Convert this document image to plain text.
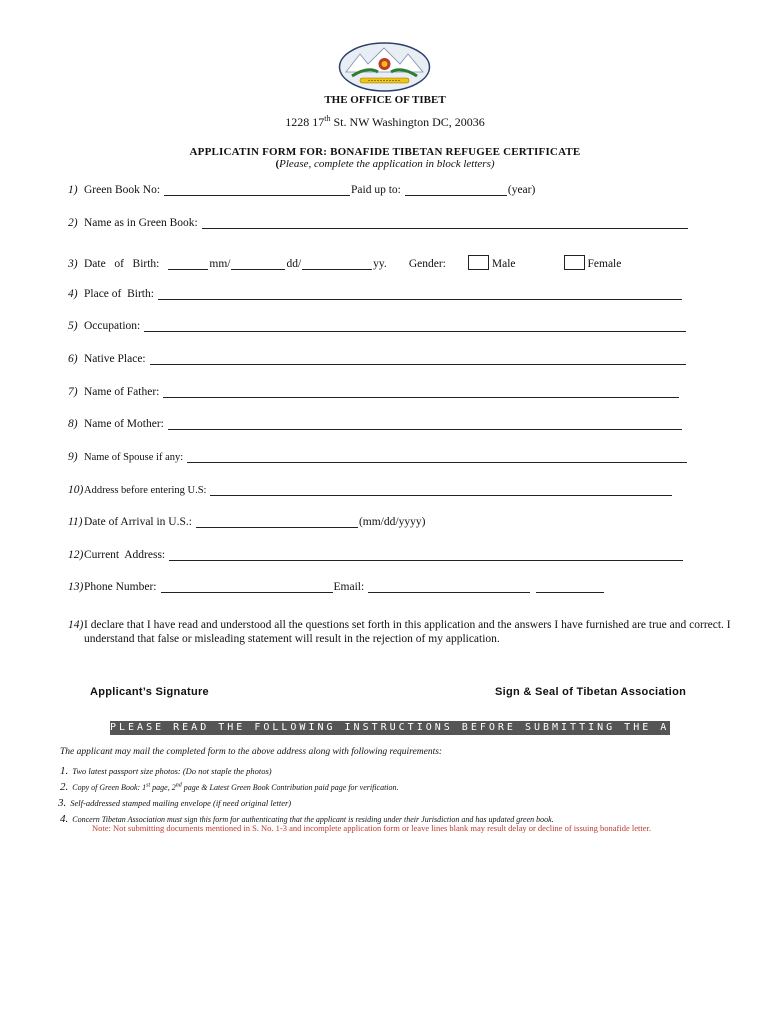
THE OFFICE OF TIBET
1228 17th St. NW Washington DC, 20036
APPLICATIN FORM FOR: BONAFIDE TIBETAN REFUGEE CERTIFICATE
(Please, complete the application in block letters)
1) Green Book No:	Paid up to:	(year)
2) Name as in Green Book:
3) Date   of   Birth:	mm/	dd/	yy. Gender:	Male	Female
4) Place of  Birth:
5) Occupation:
6) Native Place:
7) Name of Father:
8) Name of Mother:
9) Name of Spouse if any:
10) Address before entering U.S:
11) Date of Arrival in U.S.:	(mm/dd/yyyy)
12) Current  Address:
13) Phone Number:	Email:
14) I declare that I have read and understood all the questions set forth in this application and the answers I have furnished are true and correct. I understand that false or misleading statement will result in the rejection of my application.
Applicant’s Signature	Sign & Seal of Tibetan Association
PLEASE READ THE FOLLOWING INSTRUCTIONS BEFORE SUBMITTING THE APPLICATION
The applicant may mail the completed form to the above address along with following requirements:
1. Two latest passport size photos: (Do not staple the photos)
2. Copy of Green Book: 1st page, 2nd page & Latest Green Book Contribution paid page for verification.
3. Self-addressed stamped mailing envelope (if need original letter)
4. Concern Tibetan Association must sign this form for authenticating that the applicant is residing under their Jurisdiction and has updated green book.
Note: Not submitting documents mentioned in S. No. 1-3 and incomplete application form or leave lines blank may result delay or decline of issuing bonafide letter.
